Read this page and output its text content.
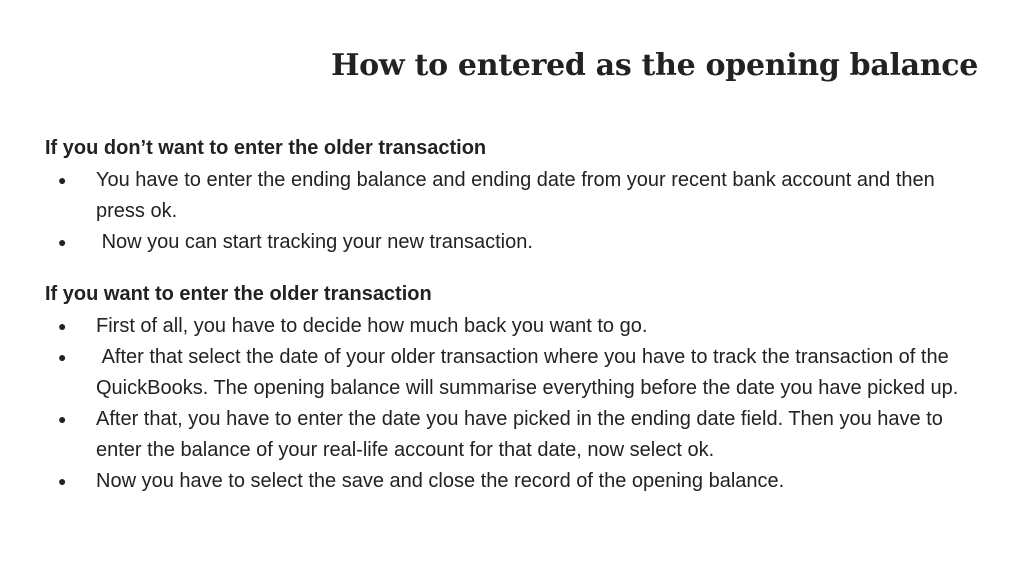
How to entered as the opening balance

If you don’t want to enter the older transaction

● You have to enter the ending balance and ending date from your recent bank account and then press ok.
● Now you can start tracking your new transaction.

If you want to enter the older transaction

● First of all, you have to decide how much back you want to go.
● After that select the date of your older transaction where you have to track the transaction of the QuickBooks. The opening balance will summarise everything before the date you have picked up.
● After that, you have to enter the date you have picked in the ending date field. Then you have to enter the balance of your real-life account for that date, now select ok.
● Now you have to select the save and close the record of the opening balance.
